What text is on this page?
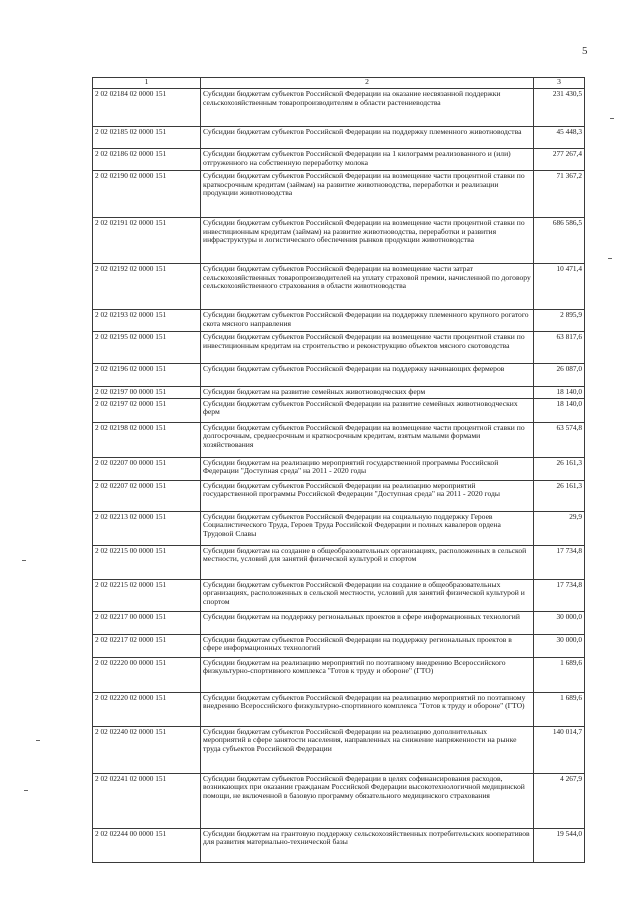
5
1	2	3
2 02 02184 02 0000 151	Субсидии бюджетам субъектов Российской Федерации на оказание несвязанной поддержки сельскохозяйственным товаропроизводителям в области растениеводства	231 430,5
2 02 02185 02 0000 151	Субсидии бюджетам субъектов Российской Федерации на поддержку племенного животноводства	45 448,3
2 02 02186 02 0000 151	Субсидии бюджетам субъектов Российской Федерации на 1 килограмм реализованного и (или) отгруженного на собственную переработку молока	277 267,4
2 02 02190 02 0000 151	Субсидии бюджетам субъектов Российской Федерации на возмещение части процентной ставки по краткосрочным кредитам (займам) на развитие животноводства, переработки и реализации продукции животноводства	71 367,2
2 02 02191 02 0000 151	Субсидии бюджетам субъектов Российской Федерации на возмещение части процентной ставки по инвестиционным кредитам (займам) на развитие животноводства, переработки и развития инфраструктуры и логистического обеспечения рынков продукции животноводства	686 586,5
2 02 02192 02 0000 151	Субсидии бюджетам субъектов Российской Федерации на возмещение части затрат сельскохозяйственных товаропроизводителей на уплату страховой премии, начисленной по договору сельскохозяйственного страхования в области животноводства	10 471,4
2 02 02193 02 0000 151	Субсидии бюджетам субъектов Российской Федерации на поддержку племенного крупного рогатого скота мясного направления	2 895,9
2 02 02195 02 0000 151	Субсидии бюджетам субъектов Российской Федерации на возмещение части процентной ставки по инвестиционным кредитам на строительство и реконструкцию объектов мясного скотоводства	63 817,6
2 02 02196 02 0000 151	Субсидии бюджетам субъектов Российской Федерации на поддержку начинающих фермеров	26 087,0
2 02 02197 00 0000 151	Субсидии бюджетам на развитие семейных животноводческих ферм	18 140,0
2 02 02197 02 0000 151	Субсидии бюджетам субъектов Российской Федерации на развитие семейных животноводческих ферм	18 140,0
2 02 02198 02 0000 151	Субсидии бюджетам субъектов Российской Федерации на возмещение части процентной ставки по долгосрочным, среднесрочным и краткосрочным кредитам, взятым малыми формами хозяйствования	63 574,8
2 02 02207 00 0000 151	Субсидии бюджетам на реализацию мероприятий государственной программы Российской Федерации "Доступная среда" на 2011 - 2020 годы	26 161,3
2 02 02207 02 0000 151	Субсидии бюджетам субъектов Российской Федерации на реализацию мероприятий государственной программы Российской Федерации "Доступная среда" на 2011 - 2020 годы	26 161,3
2 02 02213 02 0000 151	Субсидии бюджетам субъектов Российской Федерации на социальную поддержку Героев Социалистического Труда, Героев Труда Российской Федерации и полных кавалеров ордена Трудовой Славы	29,9
2 02 02215 00 0000 151	Субсидии бюджетам на создание в общеобразовательных организациях, расположенных в сельской местности, условий для занятий физической культурой и спортом	17 734,8
2 02 02215 02 0000 151	Субсидии бюджетам субъектов Российской Федерации на создание в общеобразовательных организациях, расположенных в сельской местности, условий для занятий физической культурой и спортом	17 734,8
2 02 02217 00 0000 151	Субсидии бюджетам на поддержку региональных проектов в сфере информационных технологий	30 000,0
2 02 02217 02 0000 151	Субсидии бюджетам субъектов Российской Федерации на поддержку региональных проектов в сфере информационных технологий	30 000,0
2 02 02220 00 0000 151	Субсидии бюджетам на реализацию мероприятий по поэтапному внедрению Всероссийского физкультурно-спортивного комплекса "Готов к труду и обороне" (ГТО)	1 689,6
2 02 02220 02 0000 151	Субсидии бюджетам субъектов Российской Федерации на реализацию мероприятий по поэтапному внедрению Всероссийского физкультурно-спортивного комплекса "Готов к труду и обороне" (ГТО)	1 689,6
2 02 02240 02 0000 151	Субсидии бюджетам субъектов Российской Федерации на реализацию дополнительных мероприятий в сфере занятости населения, направленных на снижение напряженности на рынке труда субъектов Российской Федерации	140 014,7
2 02 02241 02 0000 151	Субсидии бюджетам субъектов Российской Федерации в целях софинансирования расходов, возникающих при оказании гражданам Российской Федерации высокотехнологичной медицинской помощи, не включенной в базовую программу обязательного медицинского страхования	4 267,9
2 02 02244 00 0000 151	Субсидии бюджетам на грантовую поддержку сельскохозяйственных потребительских кооперативов для развития материально-технической базы	19 544,0
